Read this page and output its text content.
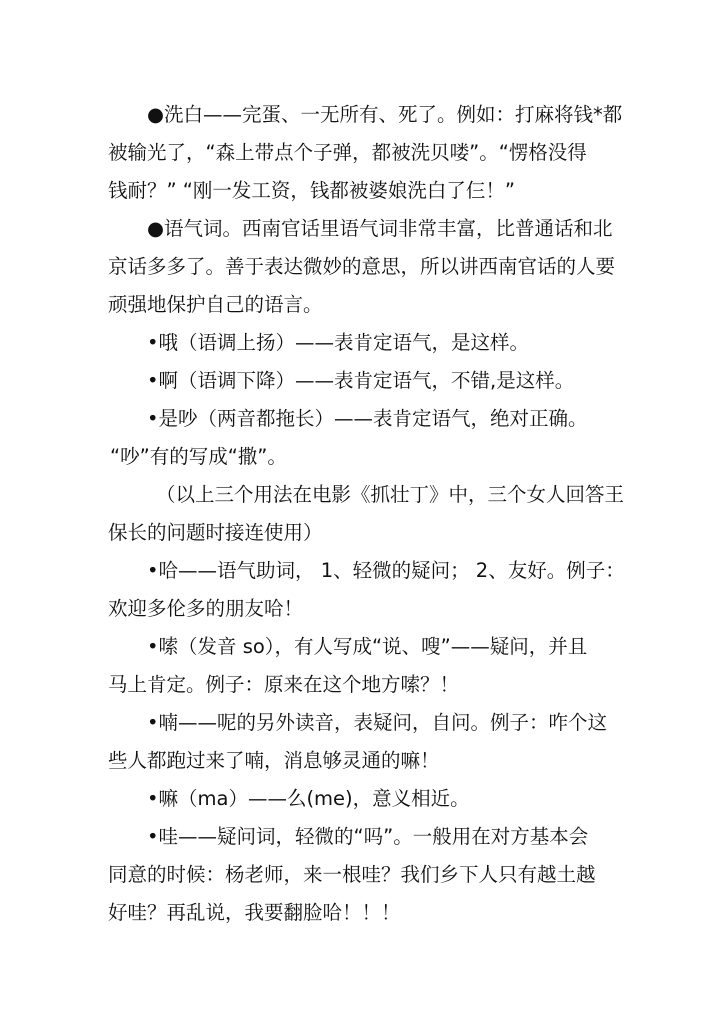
●洗白——完蛋、一无所有、死了。例如：打麻将钱*都
被输光了，“森上带点个子弹，都被洗贝喽”。“愣格没得
钱耐？” “刚一发工资，钱都被婆娘洗白了仨！”
●语气词。西南官话里语气词非常丰富，比普通话和北
京话多多了。善于表达微妙的意思，所以讲西南官话的人要
顽强地保护自己的语言。
•哦（语调上扬）——表肯定语气，是这样。
•啊（语调下降）——表肯定语气，不错,是这样。
•是吵（两音都拖长）——表肯定语气，绝对正确。
“吵”有的写成“撒”。
（以上三个用法在电影《抓壮丁》中，三个女人回答王
保长的问题时接连使用）
•哈——语气助词， 1、轻微的疑问； 2、友好。例子：
欢迎多伦多的朋友哈！
•嗦（发音 so），有人写成“说、嗖”——疑问，并且
马上肯定。例子：原来在这个地方嗦？！
•喃——呢的另外读音，表疑问，自问。例子：咋个这
些人都跑过来了喃，消息够灵通的嘛！
•嘛（ma）——么(me)，意义相近。
•哇——疑问词，轻微的“吗”。一般用在对方基本会
同意的时候：杨老师，来一根哇？我们乡下人只有越土越
好哇？再乱说，我要翻脸哈！！！
